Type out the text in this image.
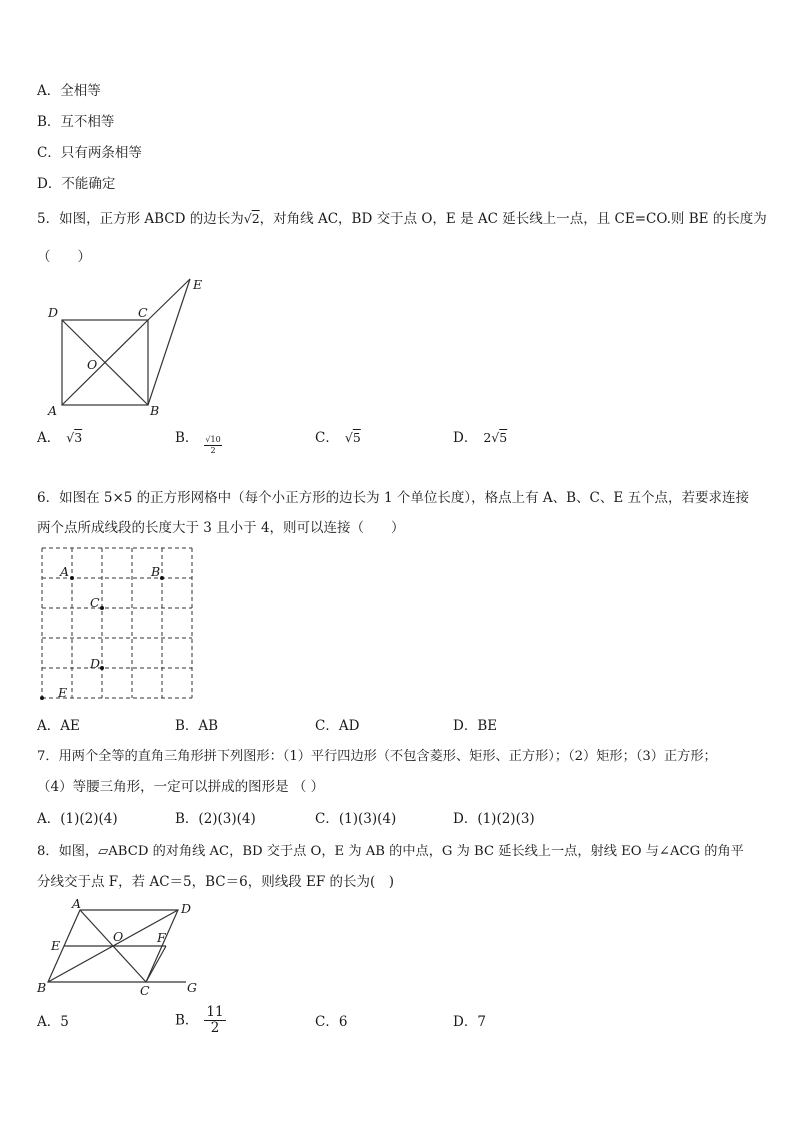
A．全相等
B．互不相等
C．只有两条相等
D．不能确定
5．如图，正方形 ABCD 的边长为√2，对角线 AC，BD 交于点 O，E 是 AC 延长线上一点，且 CE=CO.则 BE 的长度为
（　　）
D	C
O
A	B
E
A． √3	B． $\frac{√10}{2}$	C． √5	D． 2√5
6．如图在 5×5 的正方形网格中（每个小正方形的边长为 1 个单位长度），格点上有 A、B、C、E 五个点，若要求连接
两个点所成线段的长度大于 3 且小于 4，则可以连接（　　）
A	B
C
D
E
A．AE	B．AB	C．AD	D．BE
7．用两个全等的直角三角形拼下列图形：（1）平行四边形（不包含菱形、矩形、正方形）；（2）矩形；（3）正方形；
（4）等腰三角形，一定可以拼成的图形是 （ ）
A．(1)(2)(4)	B．(2)(3)(4)	C．(1)(3)(4)	D．(1)(2)(3)
8．如图，▱ABCD 的对角线 AC，BD 交于点 O，E 为 AB 的中点，G 为 BC 延长线上一点，射线 EO 与∠ACG 的角平
分线交于点 F，若 AC＝5，BC＝6，则线段 EF 的长为(　)
A	D
E
O	F
B	C	G
A．5	B． $\frac{11}{2}$	C．6	D．7
